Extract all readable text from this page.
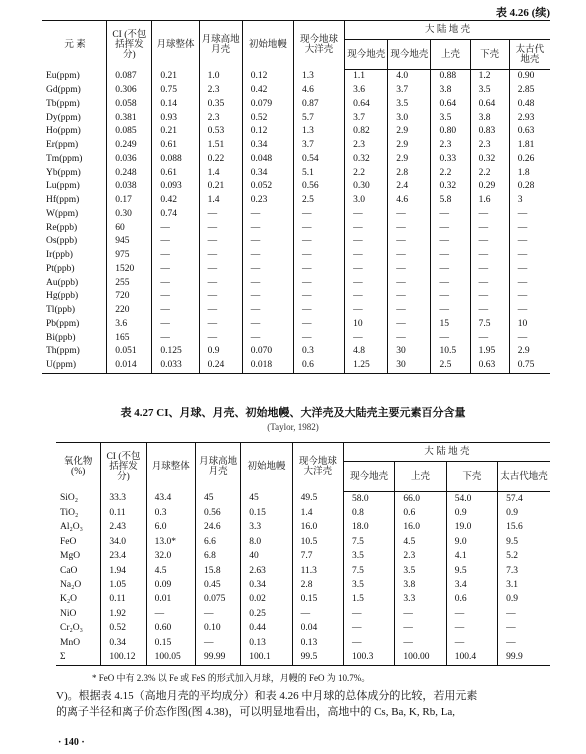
表 4.26 (续)
元 素	CI (不包括挥发分)	月球整体	月球高地月壳	初始地幔	现今地球大洋壳	大 陆 地 壳				
						现今地壳	现今地壳	上壳	下壳	太古代地壳
Eu(ppm)	0.087	0.21	1.0	0.12	1.3	1.1	4.0	0.88	1.2	0.90
Gd(ppm)	0.306	0.75	2.3	0.42	4.6	3.6	3.7	3.8	3.5	2.85
Tb(ppm)	0.058	0.14	0.35	0.079	0.87	0.64	3.5	0.64	0.64	0.48
Dy(ppm)	0.381	0.93	2.3	0.52	5.7	3.7	3.0	3.5	3.8	2.93
Ho(ppm)	0.085	0.21	0.53	0.12	1.3	0.82	2.9	0.80	0.83	0.63
Er(ppm)	0.249	0.61	1.51	0.34	3.7	2.3	2.9	2.3	2.3	1.81
Tm(ppm)	0.036	0.088	0.22	0.048	0.54	0.32	2.9	0.33	0.32	0.26
Yb(ppm)	0.248	0.61	1.4	0.34	5.1	2.2	2.8	2.2	2.2	1.8
Lu(ppm)	0.038	0.093	0.21	0.052	0.56	0.30	2.4	0.32	0.29	0.28
Hf(ppm)	0.17	0.42	1.4	0.23	2.5	3.0	4.6	5.8	1.6	3
W(ppm)	0.30	0.74	—	—	—	—	—	—	—	—
Re(ppb)	60	—	—	—	—	—	—	—	—	—
Os(ppb)	945	—	—	—	—	—	—	—	—	—
Ir(ppb)	975	—	—	—	—	—	—	—	—	—
Pt(ppb)	1520	—	—	—	—	—	—	—	—	—
Au(ppb)	255	—	—	—	—	—	—	—	—	—
Hg(ppb)	720	—	—	—	—	—	—	—	—	—
Tl(ppb)	220	—	—	—	—	—	—	—	—	—
Pb(ppm)	3.6	—	—	—	—	10	—	15	7.5	10
Bi(ppb)	165	—	—	—	—	—	—	—	—	—
Th(ppm)	0.051	0.125	0.9	0.070	0.3	4.8	30	10.5	1.95	2.9
U(ppm)	0.014	0.033	0.24	0.018	0.6	1.25	30	2.5	0.63	0.75
表 4.27 CI、月球、月壳、初始地幔、大洋壳及大陆壳主要元素百分含量
(Taylor, 1982)
氧化物(%)	CI (不包括挥发分)	月球整体	月球高地月壳	初始地幔	现今地球大洋壳	大 陆 地 壳			
						现今地壳	上壳	下壳	太古代地壳
SiO₂	33.3	43.4	45	45	49.5	58.0	66.0	54.0	57.4
TiO₂	0.11	0.3	0.56	0.15	1.4	0.8	0.6	0.9	0.9
Al₂O₃	2.43	6.0	24.6	3.3	16.0	18.0	16.0	19.0	15.6
FeO	34.0	13.0*	6.6	8.0	10.5	7.5	4.5	9.0	9.5
MgO	23.4	32.0	6.8	40	7.7	3.5	2.3	4.1	5.2
CaO	1.94	4.5	15.8	2.63	11.3	7.5	3.5	9.5	7.3
Na₂O	1.05	0.09	0.45	0.34	2.8	3.5	3.8	3.4	3.1
K₂O	0.11	0.01	0.075	0.02	0.15	1.5	3.3	0.6	0.9
NiO	1.92	—	—	0.25	—	—	—	—	—
Cr₂O₃	0.52	0.60	0.10	0.44	0.04	—	—	—	—
MnO	0.34	0.15	—	0.13	0.13	—	—	—	—
Σ	100.12	100.05	99.99	100.1	99.5	100.3	100.00	100.4	99.9
* FeO 中有 2.3% 以 Fe 或 FeS 的形式加入月球，月幔的 FeO 为 10.7%。
V)。根据表 4.15（高地月壳的平均成分）和表 4.26 中月球的总体成分的比较，若用元素
的离子半径和离子价态作图(图 4.38)，可以明显地看出，高地中的 Cs, Ba, K, Rb, La,
· 140 ·
